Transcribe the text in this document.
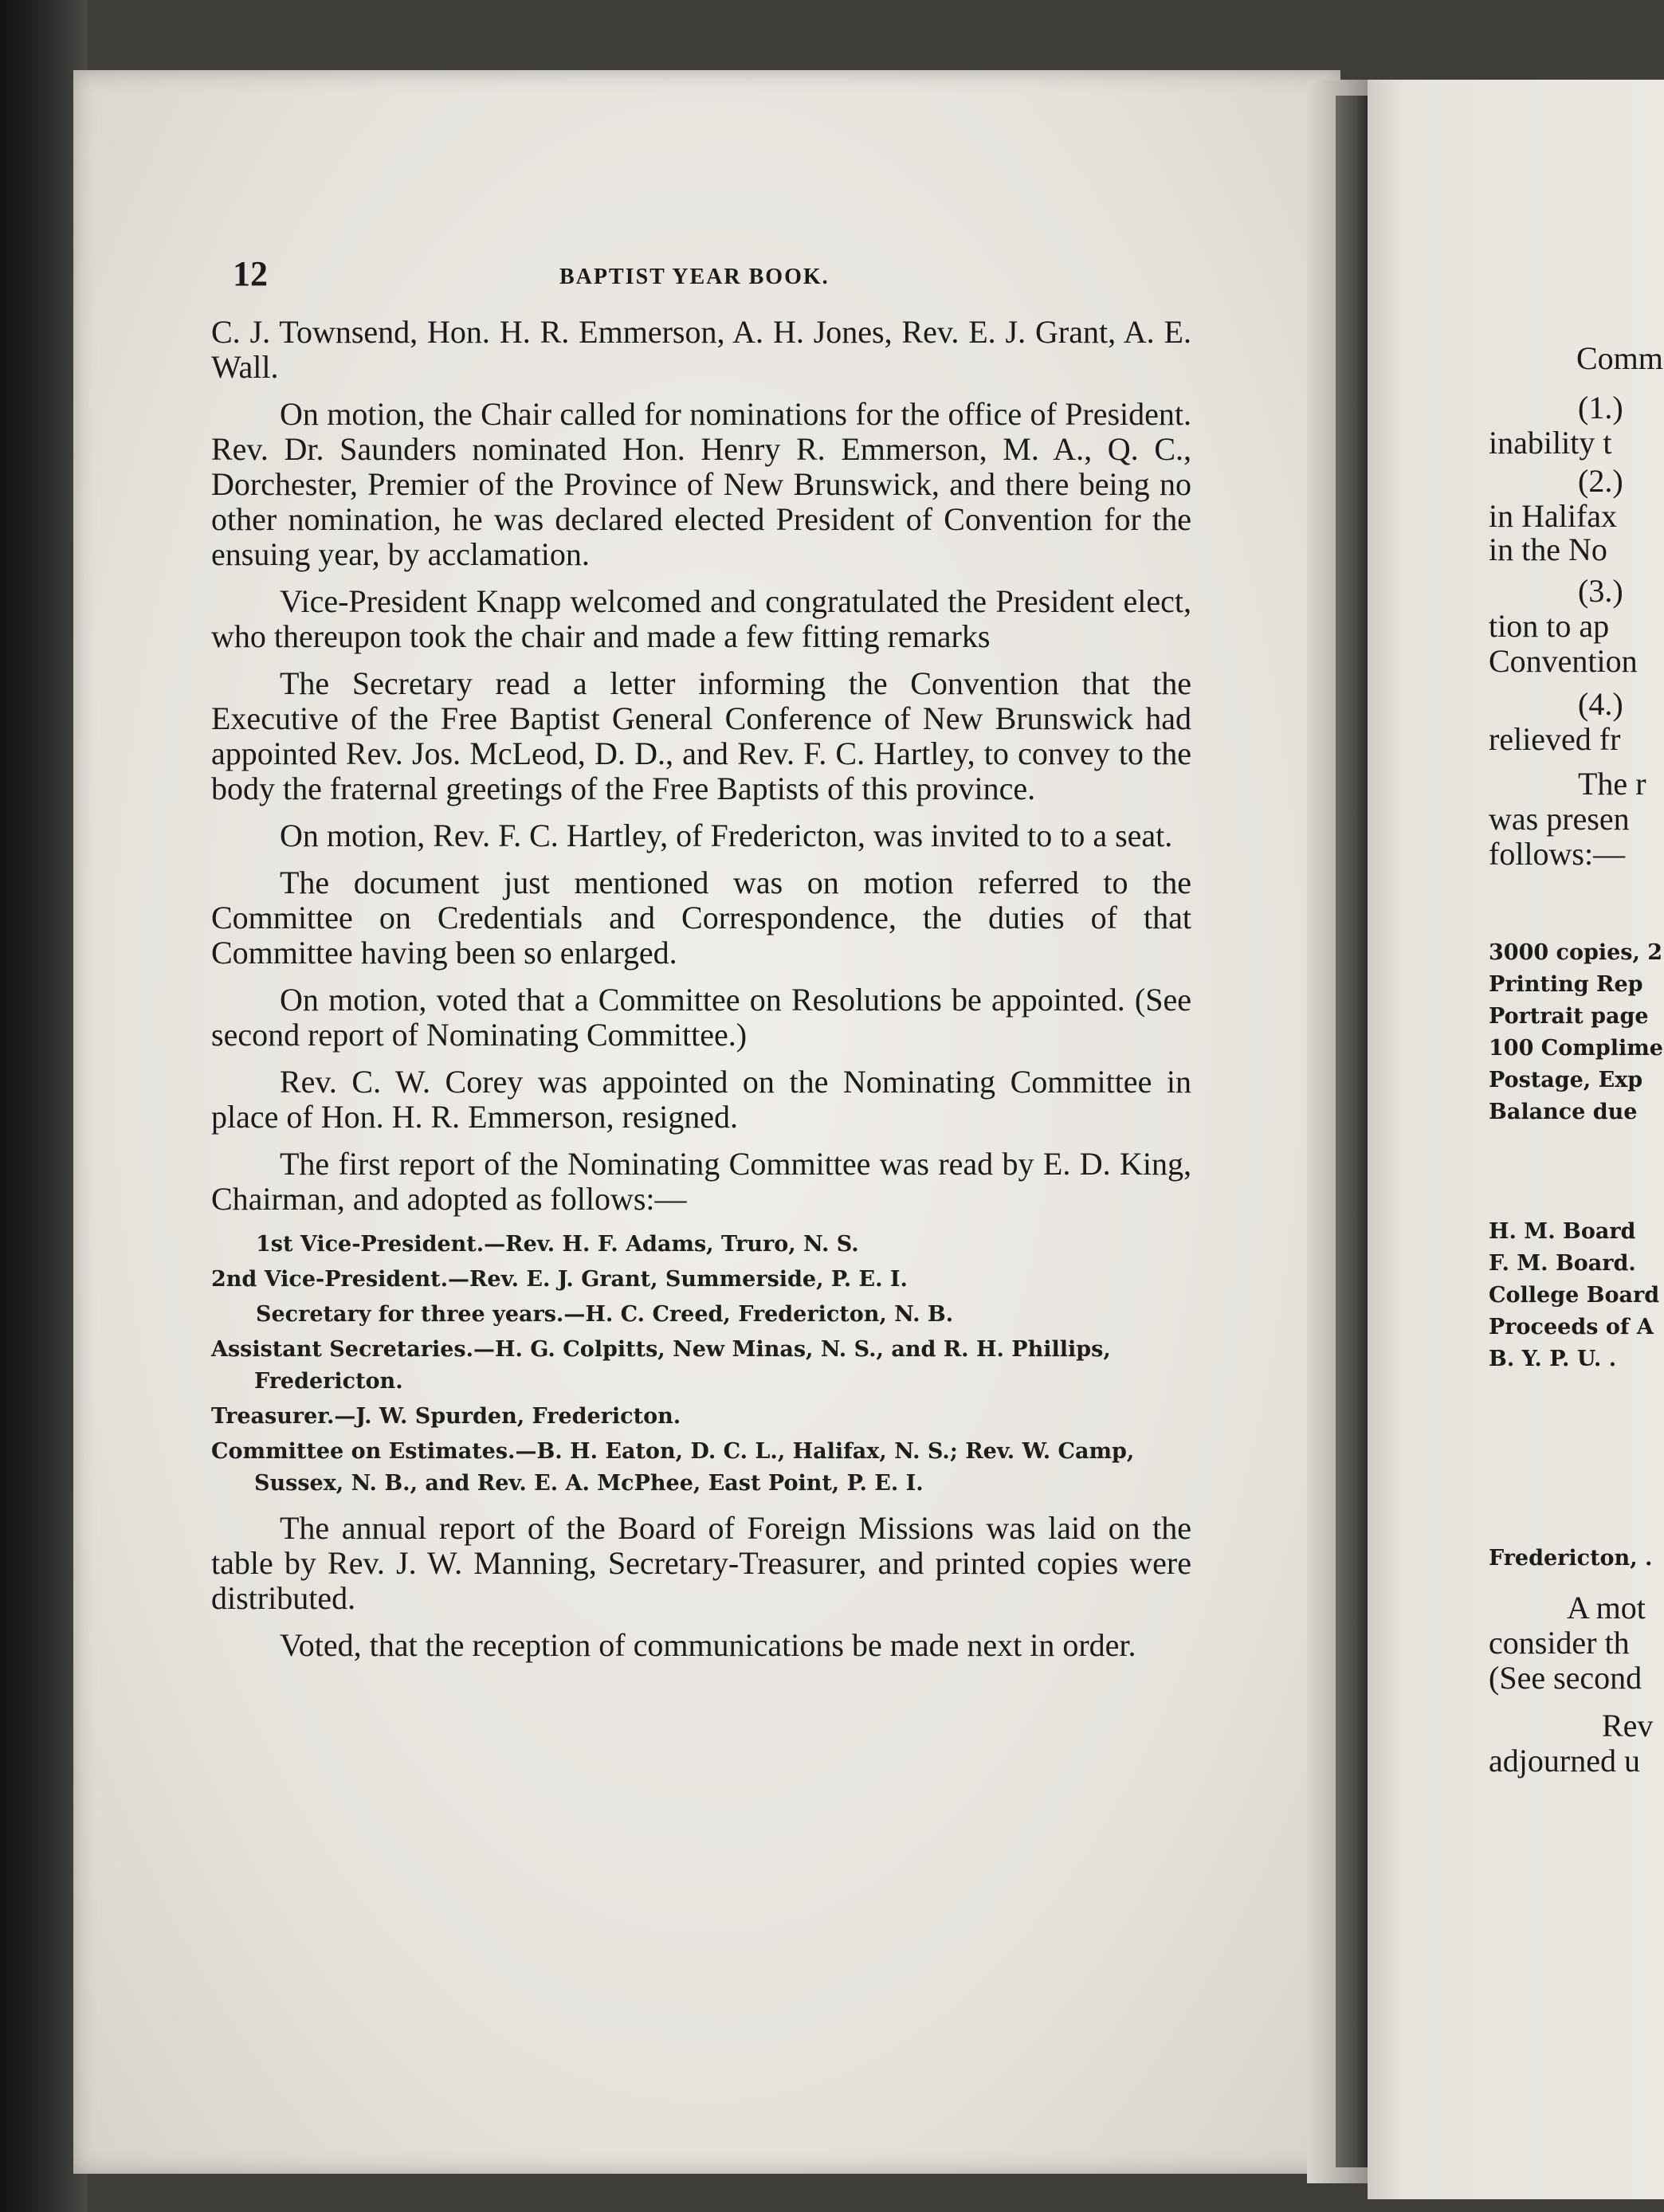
12	BAPTIST YEAR BOOK.

C. J. Townsend, Hon. H. R. Emmerson, A. H. Jones, Rev. E. J. Grant, A. E. Wall.

On motion, the Chair called for nominations for the office of President. Rev. Dr. Saunders nominated Hon. Henry R. Emmerson, M. A., Q. C., Dorchester, Premier of the Province of New Brunswick, and there being no other nomination, he was declared elected President of Convention for the ensuing year, by acclamation.

Vice-President Knapp welcomed and congratulated the President elect, who thereupon took the chair and made a few fitting remarks

The Secretary read a letter informing the Convention that the Executive of the Free Baptist General Conference of New Brunswick had appointed Rev. Jos. McLeod, D. D., and Rev. F. C. Hartley, to convey to the body the fraternal greetings of the Free Baptists of this province.

On motion, Rev. F. C. Hartley, of Fredericton, was invited to to a seat.

The document just mentioned was on motion referred to the Committee on Credentials and Correspondence, the duties of that Committee having been so enlarged.

On motion, voted that a Committee on Resolutions be appointed. (See second report of Nominating Committee.)

Rev. C. W. Corey was appointed on the Nominating Committee in place of Hon. H. R. Emmerson, resigned.

The first report of the Nominating Committee was read by E. D. King, Chairman, and adopted as follows:—

1st Vice-President.—Rev. H. F. Adams, Truro, N. S.
2nd Vice-President.—Rev. E. J. Grant, Summerside, P. E. I.
Secretary for three years.—H. C. Creed, Fredericton, N. B.
Assistant Secretaries.—H. G. Colpitts, New Minas, N. S., and R. H. Phillips, Fredericton.
Treasurer.—J. W. Spurden, Fredericton.
Committee on Estimates.—B. H. Eaton, D. C. L., Halifax, N. S.; Rev. W. Camp, Sussex, N. B., and Rev. E. A. McPhee, East Point, P. E. I.

The annual report of the Board of Foreign Missions was laid on the table by Rev. J. W. Manning, Secretary-Treasurer, and printed copies were distributed.

Voted, that the reception of communications be made next in order.

Comm
(1.)
inability t
(2.)
in Halifax
in the No
(3.)
tion to ap
Convention
(4.)
relieved fr
The r
was presen
follows:—
3000 copies, 2
Printing Rep
Portrait page
100 Complime
Postage, Exp
Balance due
H. M. Board
F. M. Board.
College Board
Proceeds of A
B. Y. P. U. .
Fredericton, .
A mot
consider th
(See second
Rev
adjourned u
